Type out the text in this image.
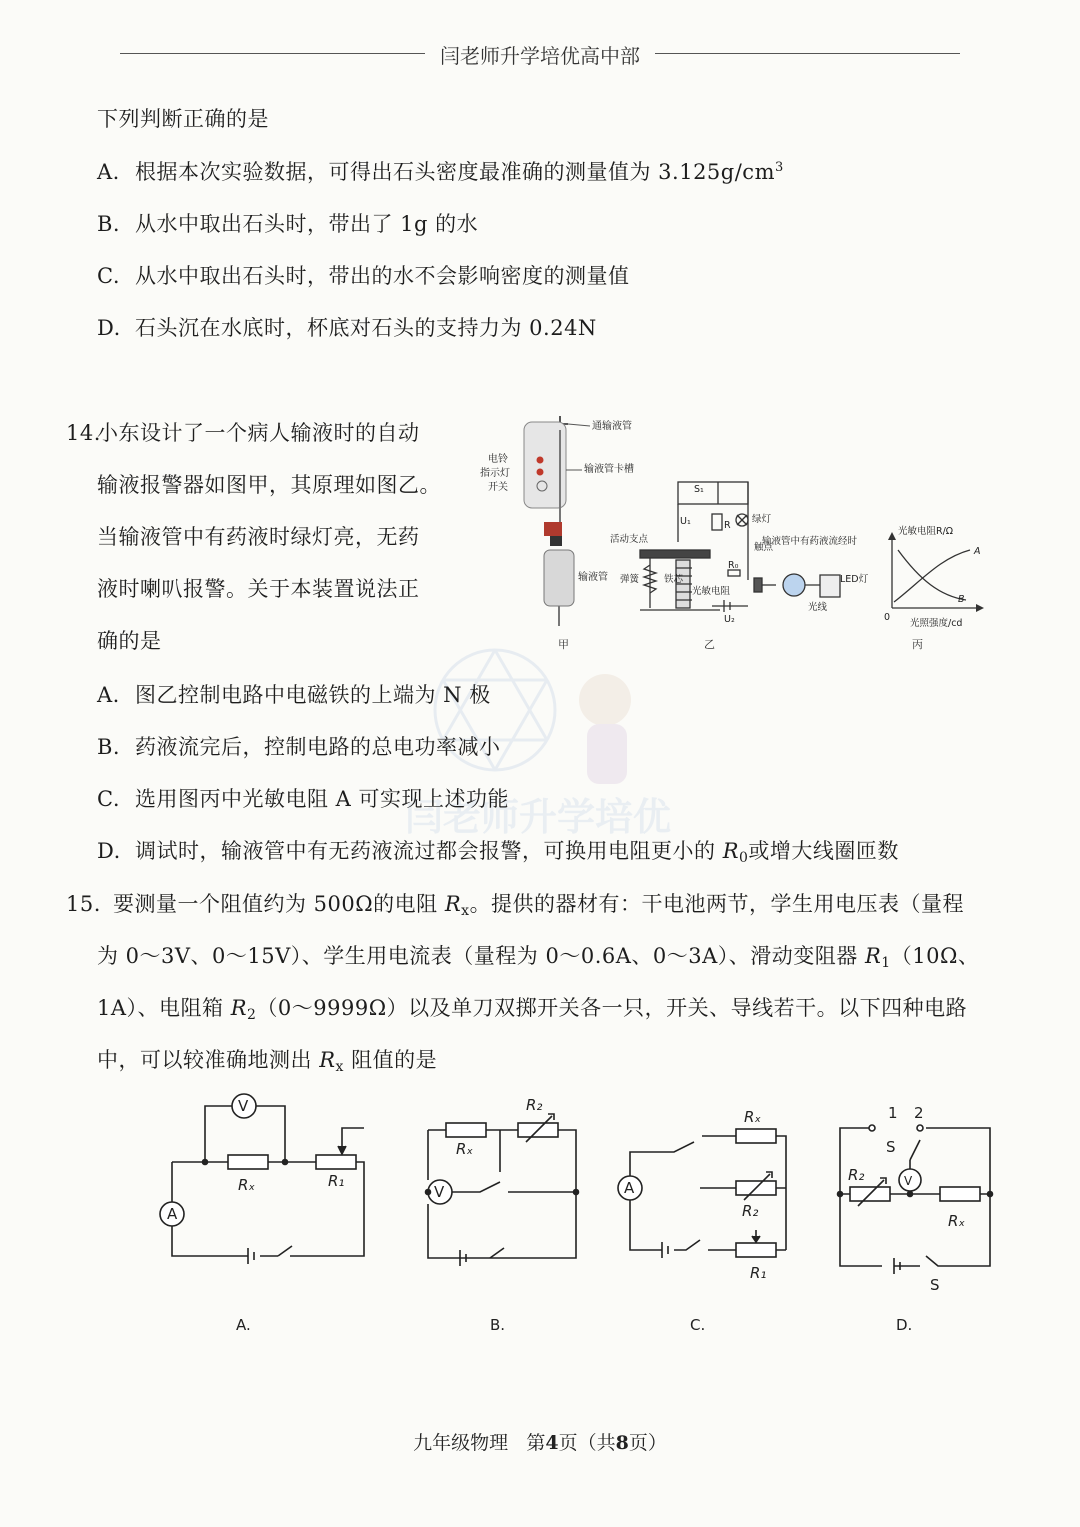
闫老师升学培优高中部
下列判断正确的是
A. 根据本次实验数据，可得出石头密度最准确的测量值为 $3.125g/cm^3$
B. 从水中取出石头时，带出了 1g 的水
C. 从水中取出石头时，带出的水不会影响密度的测量值
D. 石头沉在水底时，杯底对石头的支持力为 0.24N
闫老师升学培优
14.
小东设计了一个病人输液时的自动
输液报警器如图甲，其原理如图乙。
当输液管中有药液时绿灯亮，无药
液时喇叭报警。关于本装置说法正
确的是
通输液管
电铃
指示灯
开关
输液管卡槽
输液管
甲
活动支点
弹簧	铁芯
光敏电阻
触点
绿灯
输液管中有药液流经时
LED灯
光线
S₁
U₁
U₂
R
R₀
乙
光敏电阻R/Ω
光照强度/cd
0
A
B
丙
A. 图乙控制电路中电磁铁的上端为 N 极
B. 药液流完后，控制电路的总电功率减小
C. 选用图丙中光敏电阻 A 可实现上述功能
D. 调试时，输液管中有无药液流过都会报警，可换用电阻更小的 $R_0$或增大线圈匝数
15. 要测量一个阻值约为 500Ω的电阻 $R_x$。提供的器材有：干电池两节，学生用电压表（量程
为 0～3V、0～15V）、学生用电流表（量程为 0～0.6A、0～3A）、滑动变阻器 $R_1(10\Omega$、
1A）、电阻箱 $R_2(0\sim 9999\Omega)$以及单刀双掷开关各一只，开关、导线若干。以下四种电路
中，可以较准确地测出 $R_x$ 阻值的是
V
A
Rₓ	R₁
A.
V
Rₓ
R₂
B.
A
Rₓ
R₂
R₁
C.
1 2
S
V
R₂
Rₓ
S
D.
九年级物理 第4页（共8页）
